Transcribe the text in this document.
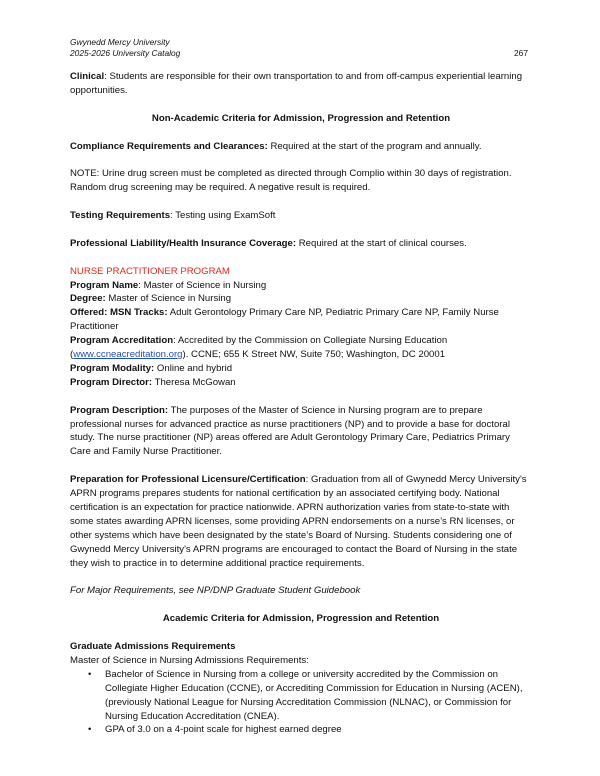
Gwynedd Mercy University
2025-2026 University Catalog	267

Clinical: Students are responsible for their own transportation to and from off-campus experiential learning opportunities.

Non-Academic Criteria for Admission, Progression and Retention

Compliance Requirements and Clearances: Required at the start of the program and annually.

NOTE: Urine drug screen must be completed as directed through Complio within 30 days of registration. Random drug screening may be required. A negative result is required.

Testing Requirements: Testing using ExamSoft

Professional Liability/Health Insurance Coverage: Required at the start of clinical courses.

NURSE PRACTITIONER PROGRAM

Program Name: Master of Science in Nursing

Degree: Master of Science in Nursing

Offered: MSN Tracks: Adult Gerontology Primary Care NP, Pediatric Primary Care NP, Family Nurse Practitioner

Program Accreditation: Accredited by the Commission on Collegiate Nursing Education (www.ccneacreditation.org). CCNE; 655 K Street NW, Suite 750; Washington, DC 20001

Program Modality: Online and hybrid

Program Director: Theresa McGowan

Program Description: The purposes of the Master of Science in Nursing program are to prepare professional nurses for advanced practice as nurse practitioners (NP) and to provide a base for doctoral study. The nurse practitioner (NP) areas offered are Adult Gerontology Primary Care, Pediatrics Primary Care and Family Nurse Practitioner.

Preparation for Professional Licensure/Certification: Graduation from all of Gwynedd Mercy University's APRN programs prepares students for national certification by an associated certifying body. National certification is an expectation for practice nationwide. APRN authorization varies from state-to-state with some states awarding APRN licenses, some providing APRN endorsements on a nurse’s RN licenses, or other systems which have been designated by the state’s Board of Nursing. Students considering one of Gwynedd Mercy University's APRN programs are encouraged to contact the Board of Nursing in the state they wish to practice in to determine additional practice requirements.

For Major Requirements, see NP/DNP Graduate Student Guidebook

Academic Criteria for Admission, Progression and Retention

Graduate Admissions Requirements

Master of Science in Nursing Admissions Requirements:

• Bachelor of Science in Nursing from a college or university accredited by the Commission on Collegiate Higher Education (CCNE), or Accrediting Commission for Education in Nursing (ACEN), (previously National League for Nursing Accreditation Commission (NLNAC), or Commission for Nursing Education Accreditation (CNEA).
• GPA of 3.0 on a 4-point scale for highest earned degree
